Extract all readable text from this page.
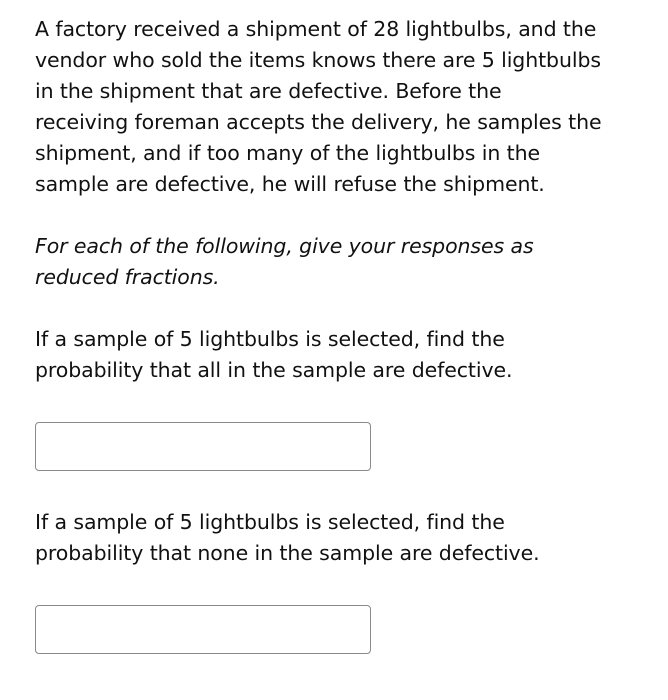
A factory received a shipment of 28 lightbulbs, and the
vendor who sold the items knows there are 5 lightbulbs
in the shipment that are defective. Before the
receiving foreman accepts the delivery, he samples the
shipment, and if too many of the lightbulbs in the
sample are defective, he will refuse the shipment.

For each of the following, give your responses as
reduced fractions.

If a sample of 5 lightbulbs is selected, find the
probability that all in the sample are defective.

If a sample of 5 lightbulbs is selected, find the
probability that none in the sample are defective.
